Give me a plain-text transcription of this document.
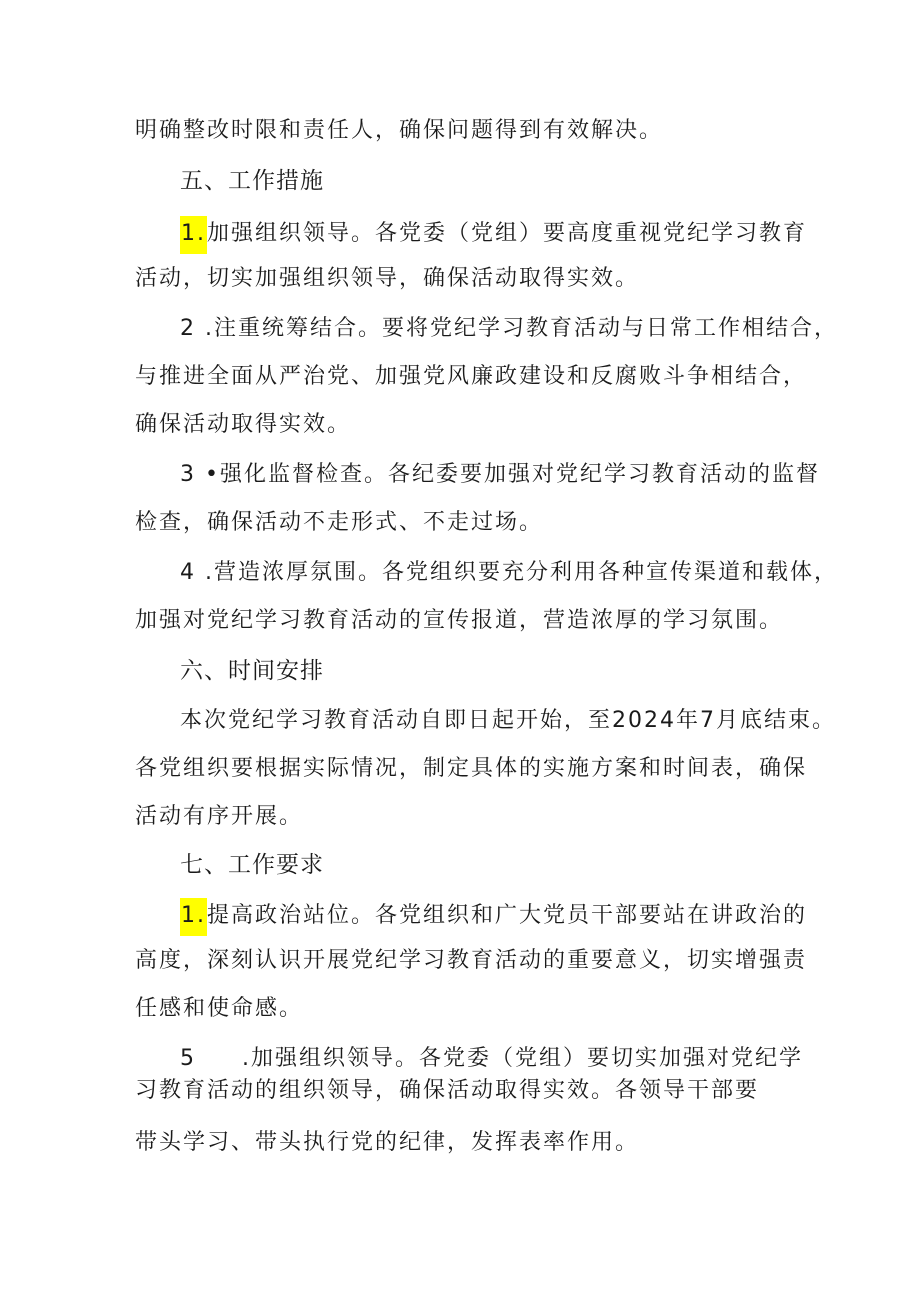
明确整改时限和责任人，确保问题得到有效解决。
五、工作措施
1.加强组织领导。各党委（党组）要高度重视党纪学习教育
活动，切实加强组织领导，确保活动取得实效。
2 .注重统筹结合。要将党纪学习教育活动与日常工作相结合，
与推进全面从严治党、加强党风廉政建设和反腐败斗争相结合，
确保活动取得实效。
3 •强化监督检查。各纪委要加强对党纪学习教育活动的监督
检查，确保活动不走形式、不走过场。
4 .营造浓厚氛围。各党组织要充分利用各种宣传渠道和载体，
加强对党纪学习教育活动的宣传报道，营造浓厚的学习氛围。
六、时间安排
本次党纪学习教育活动自即日起开始，至2024年7月底结束。
各党组织要根据实际情况，制定具体的实施方案和时间表，确保
活动有序开展。
七、工作要求
1.提高政治站位。各党组织和广大党员干部要站在讲政治的
高度，深刻认识开展党纪学习教育活动的重要意义，切实增强责
任感和使命感。
5 .加强组织领导。各党委（党组）要切实加强对党纪学
习教育活动的组织领导，确保活动取得实效。各领导干部要
带头学习、带头执行党的纪律，发挥表率作用。
